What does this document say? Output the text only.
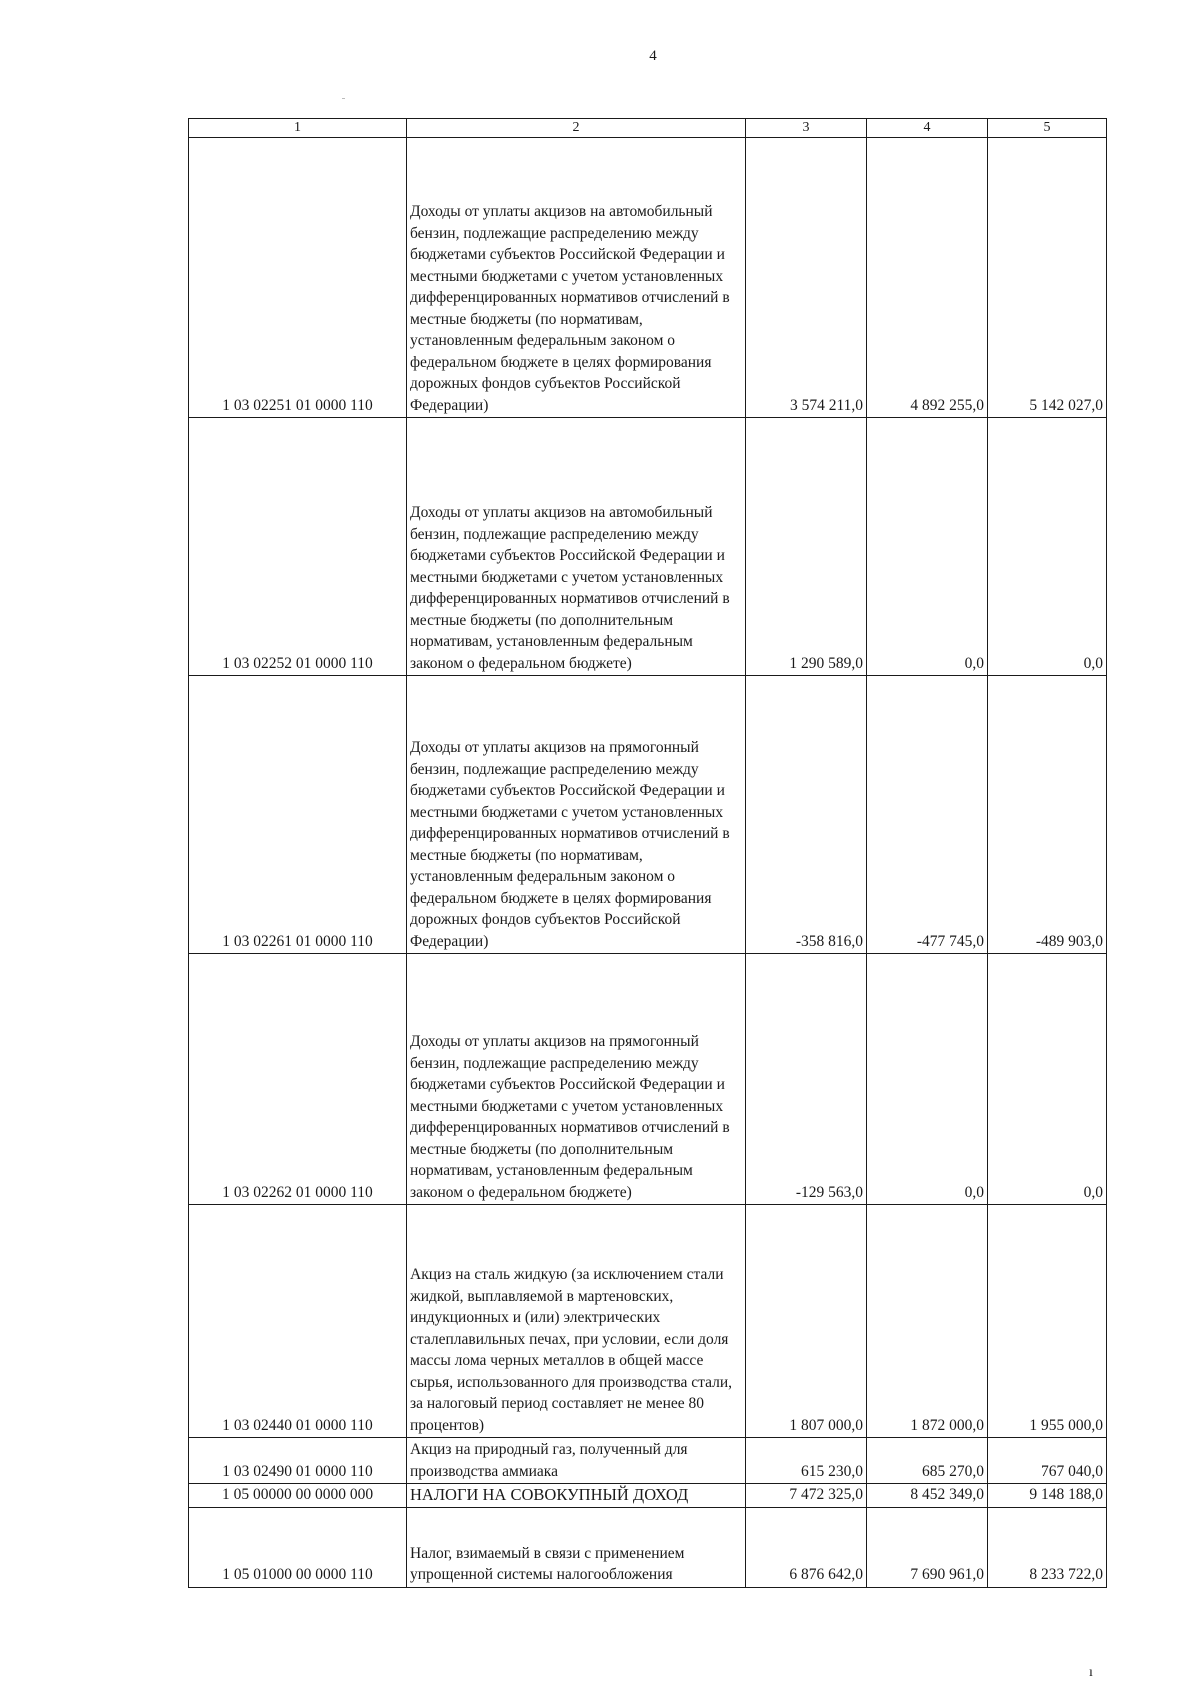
4
1	2	3	4	5
1 03 02251 01 0000 110	Доходы от уплаты акцизов на автомобильный бензин, подлежащие распределению между бюджетами субъектов Российской Федерации и местными бюджетами с учетом установленных дифференцированных нормативов отчислений в местные бюджеты (по нормативам, установленным федеральным законом о федеральном бюджете в целях формирования дорожных фондов субъектов Российской Федерации)	3 574 211,0	4 892 255,0	5 142 027,0
1 03 02252 01 0000 110	Доходы от уплаты акцизов на автомобильный бензин, подлежащие распределению между бюджетами субъектов Российской Федерации и местными бюджетами с учетом установленных дифференцированных нормативов отчислений в местные бюджеты (по дополнительным нормативам, установленным федеральным законом о федеральном бюджете)	1 290 589,0	0,0	0,0
1 03 02261 01 0000 110	Доходы от уплаты акцизов на прямогонный бензин, подлежащие распределению между бюджетами субъектов Российской Федерации и местными бюджетами с учетом установленных дифференцированных нормативов отчислений в местные бюджеты (по нормативам, установленным федеральным законом о федеральном бюджете в целях формирования дорожных фондов субъектов Российской Федерации)	-358 816,0	-477 745,0	-489 903,0
1 03 02262 01 0000 110	Доходы от уплаты акцизов на прямогонный бензин, подлежащие распределению между бюджетами субъектов Российской Федерации и местными бюджетами с учетом установленных дифференцированных нормативов отчислений в местные бюджеты (по дополнительным нормативам, установленным федеральным законом о федеральном бюджете)	-129 563,0	0,0	0,0
1 03 02440 01 0000 110	Акциз на сталь жидкую (за исключением стали жидкой, выплавляемой в мартеновских, индукционных и (или) электрических сталеплавильных печах, при условии, если доля массы лома черных металлов в общей массе сырья, использованного для производства стали, за налоговый период составляет не менее 80 процентов)	1 807 000,0	1 872 000,0	1 955 000,0
1 03 02490 01 0000 110	Акциз на природный газ, полученный для производства аммиака	615 230,0	685 270,0	767 040,0
1 05 00000 00 0000 000	НАЛОГИ НА СОВОКУПНЫЙ ДОХОД	7 472 325,0	8 452 349,0	9 148 188,0
1 05 01000 00 0000 110	Налог, взимаемый в связи с применением упрощенной системы налогообложения	6 876 642,0	7 690 961,0	8 233 722,0
ı
